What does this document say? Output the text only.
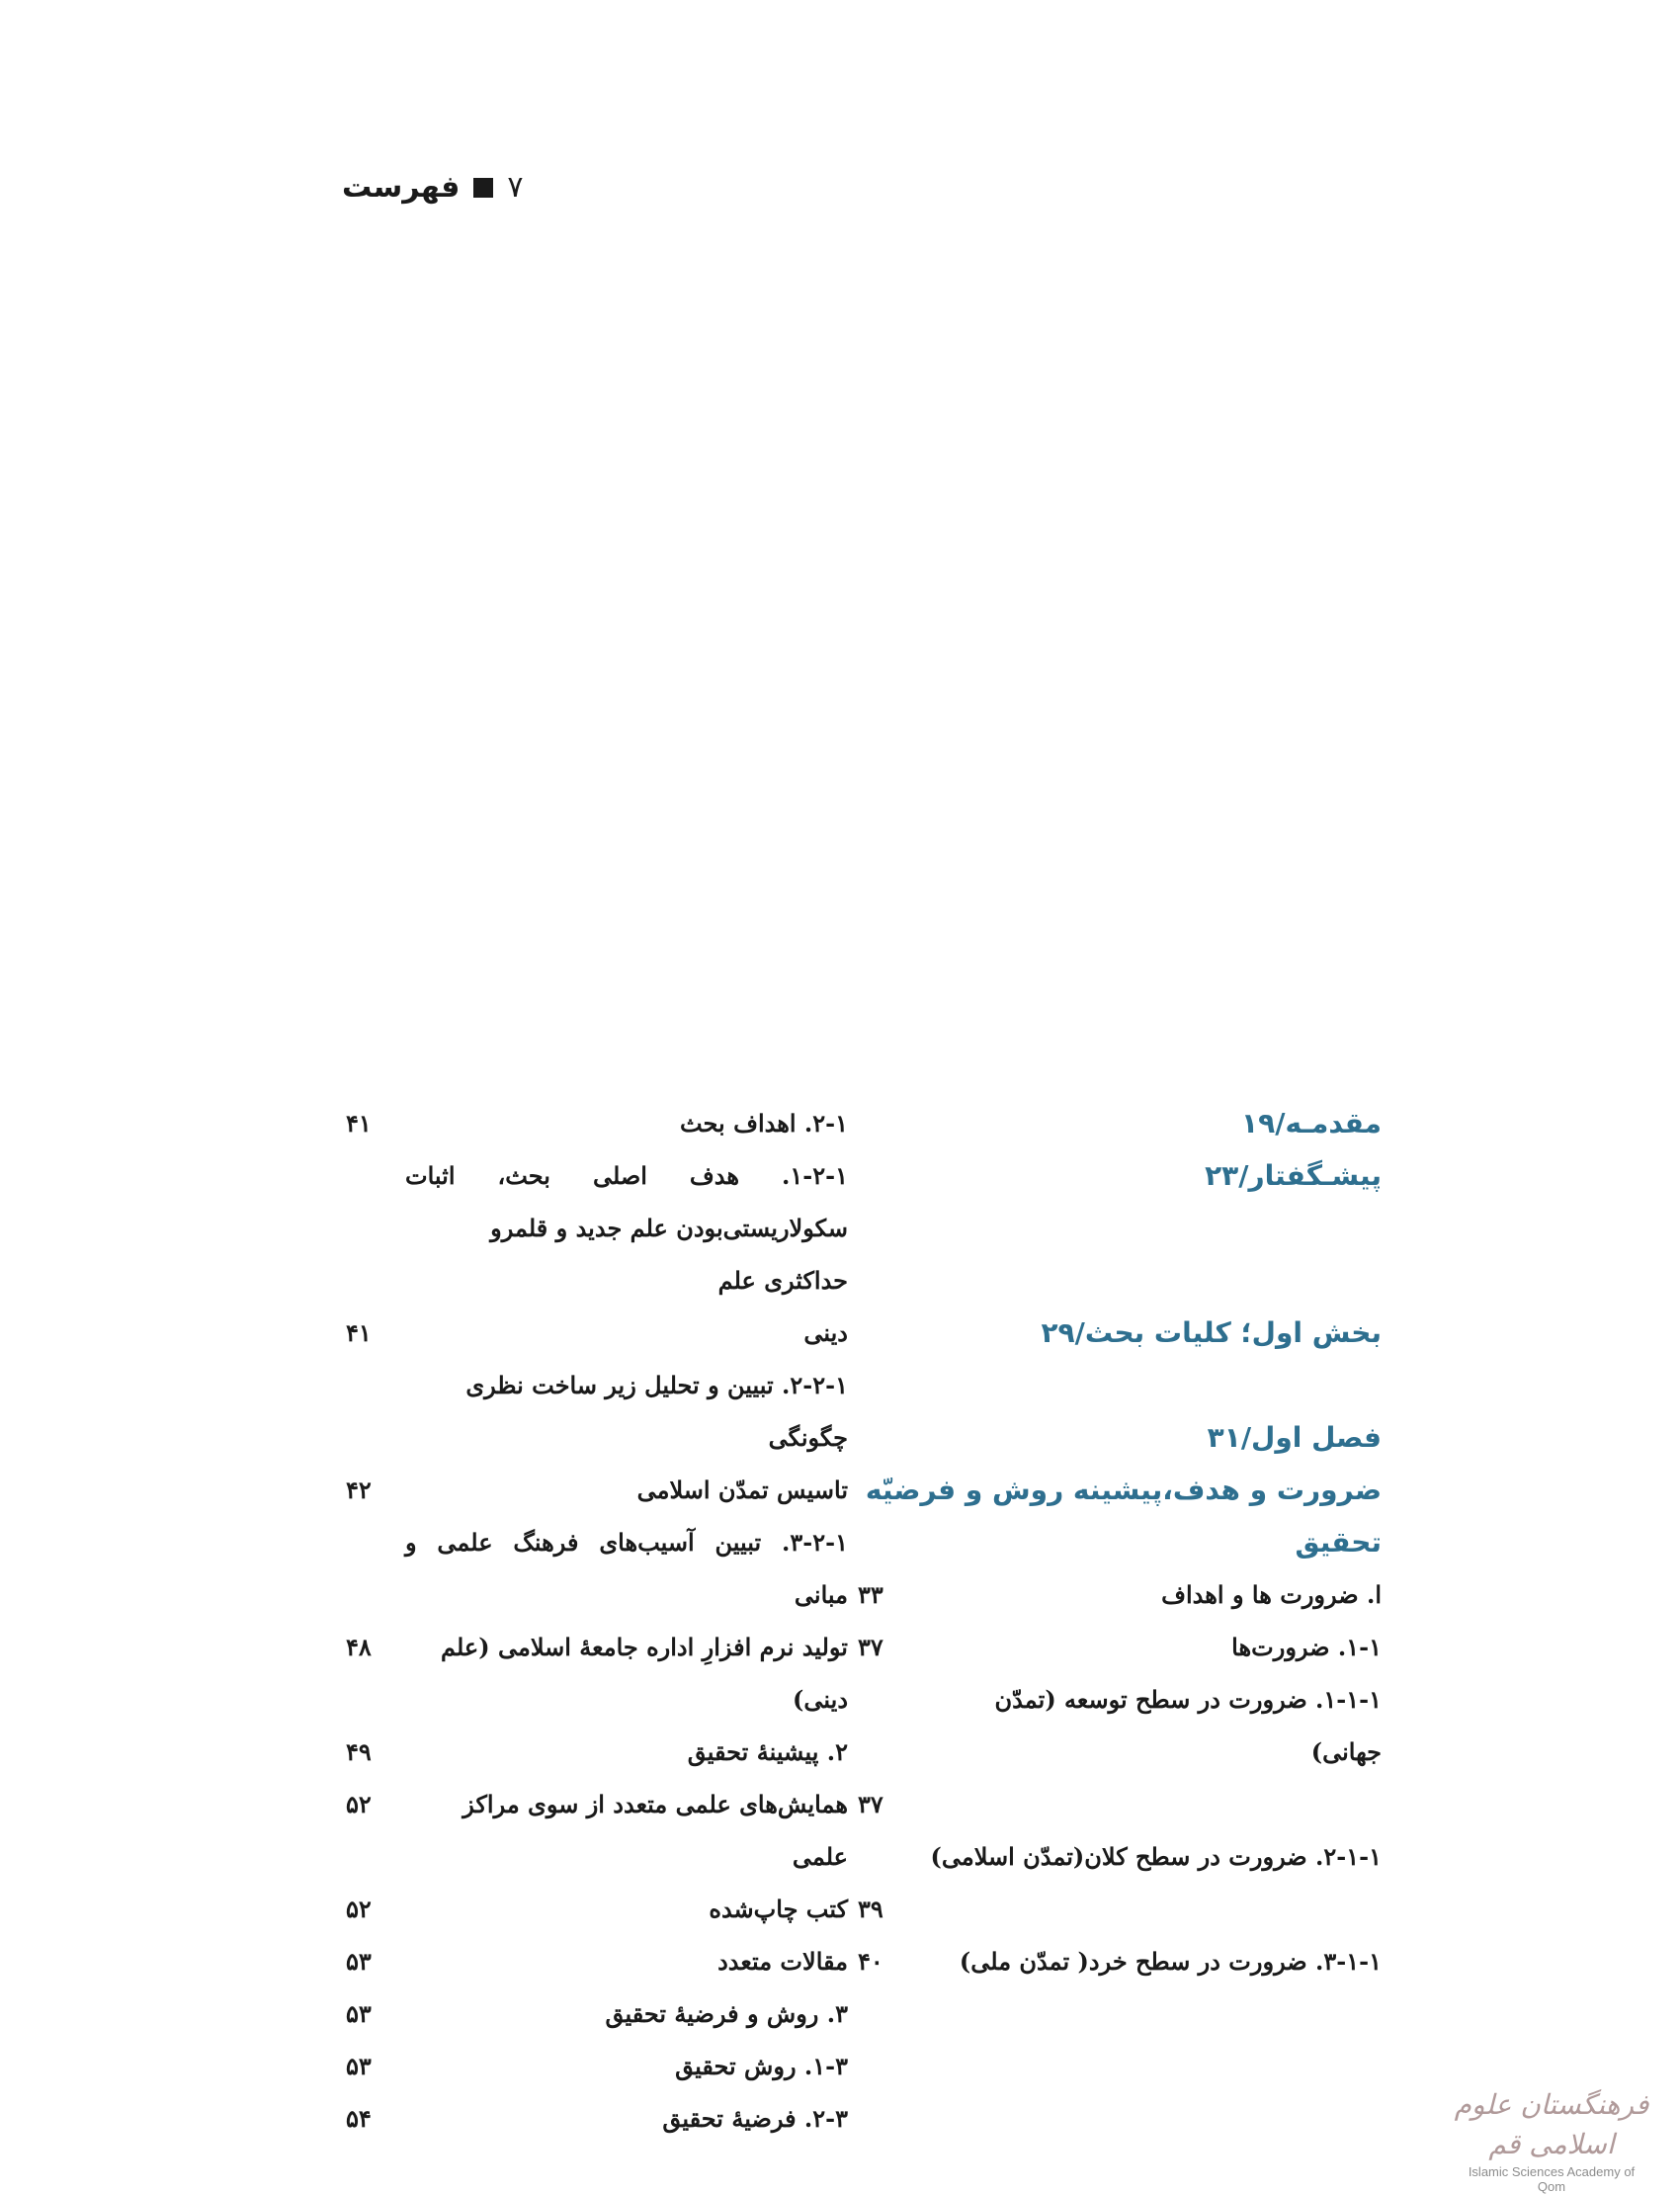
فهرست ۷
مقدمـه/۱۹
پیشـگفتار/۲۳
بخش اول؛ کلیات بحث/۲۹
فصل اول/۳۱
ضرورت و هدف،پیشینه روش و فرضیّه
تحقیق
ا. ضرورت ها و اهداف
۳۳
۱-۱. ضرورت‌ها
۳۷
۱-۱-۱. ضرورت در سطح توسعه (تمدّن جهانی)
۳۷
۲-۱-۱. ضرورت در سطح کلان(تمدّن اسلامی)
۳۹
۳-۱-۱. ضرورت در سطح خرد( تمدّن ملی)
۴۰
۲-۱. اهداف بحث
۴۱
۱-۲-۱. هدف اصلی بحث، اثبات
سکولاریستی‌بودن علم جدید و قلمرو حداکثری علم
دینی
۴۱
۲-۲-۱. تبیین و تحلیل زیر ساخت نظری چگونگی
تاسیس تمدّن اسلامی
۴۲
۳-۲-۱. تبیین آسیب‌های فرهنگ علمی و مبانی
تولید نرم افزارِ اداره جامعهٔ اسلامی (علم دینی)
۴۸
۲. پیشینهٔ تحقیق
۴۹
همایش‌های علمی متعدد از سوی مراکز علمی
۵۲
کتب چاپ‌شده
۵۲
مقالات متعدد
۵۳
۳. روش و فرضیهٔ تحقیق
۵۳
۱-۳. روش تحقیق
۵۳
۲-۳. فرضیهٔ تحقیق
۵۴	فرهنگستان علوم اسلامی قم
Islamic Sciences Academy of Qom
